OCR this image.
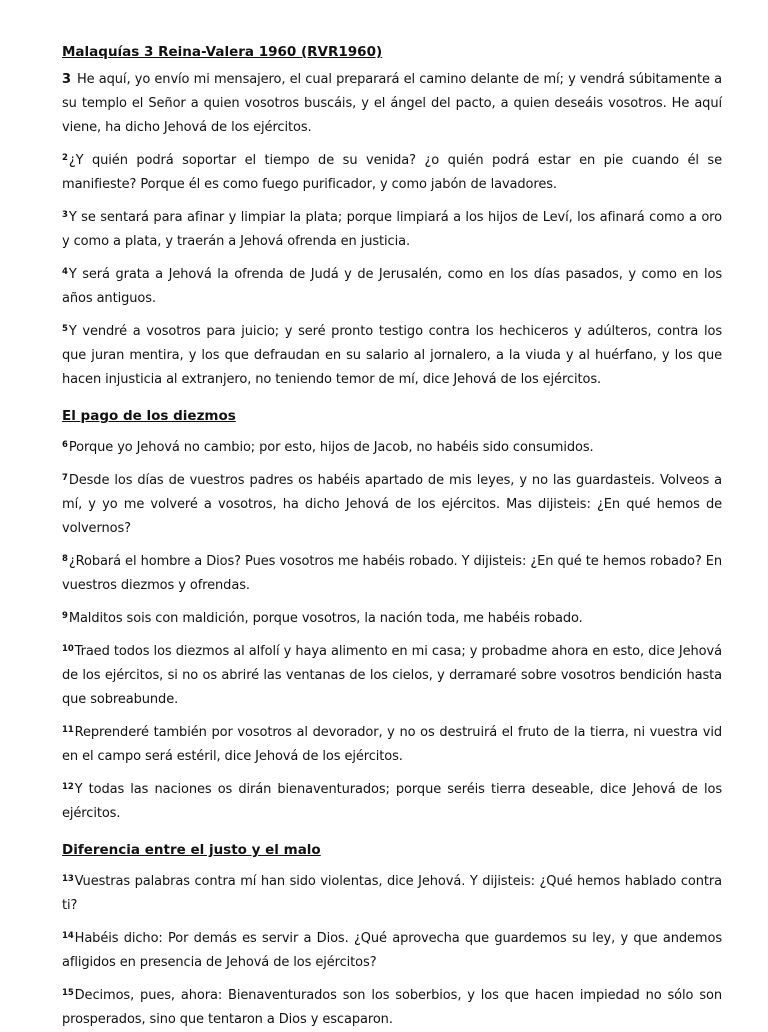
Malaquías 3 Reina-Valera 1960 (RVR1960)

3 He aquí, yo envío mi mensajero, el cual preparará el camino delante de mí; y vendrá súbitamente a su templo el Señor a quien vosotros buscáis, y el ángel del pacto, a quien deseáis vosotros. He aquí viene, ha dicho Jehová de los ejércitos.

$^2$¿Y quién podrá soportar el tiempo de su venida? ¿o quién podrá estar en pie cuando él se manifieste? Porque él es como fuego purificador, y como jabón de lavadores.

$^3$Y se sentará para afinar y limpiar la plata; porque limpiará a los hijos de Leví, los afinará como a oro y como a plata, y traerán a Jehová ofrenda en justicia.

$^4$Y será grata a Jehová la ofrenda de Judá y de Jerusalén, como en los días pasados, y como en los años antiguos.

$^5$Y vendré a vosotros para juicio; y seré pronto testigo contra los hechiceros y adúlteros, contra los que juran mentira, y los que defraudan en su salario al jornalero, a la viuda y al huérfano, y los que hacen injusticia al extranjero, no teniendo temor de mí, dice Jehová de los ejércitos.

El pago de los diezmos

$^6$Porque yo Jehová no cambio; por esto, hijos de Jacob, no habéis sido consumidos.

$^7$Desde los días de vuestros padres os habéis apartado de mis leyes, y no las guardasteis. Volveos a mí, y yo me volveré a vosotros, ha dicho Jehová de los ejércitos. Mas dijisteis: ¿En qué hemos de volvernos?

$^8$¿Robará el hombre a Dios? Pues vosotros me habéis robado. Y dijisteis: ¿En qué te hemos robado? En vuestros diezmos y ofrendas.

$^9$Malditos sois con maldición, porque vosotros, la nación toda, me habéis robado.

$^{10}$Traed todos los diezmos al alfolí y haya alimento en mi casa; y probadme ahora en esto, dice Jehová de los ejércitos, si no os abriré las ventanas de los cielos, y derramaré sobre vosotros bendición hasta que sobreabunde.

$^{11}$Reprenderé también por vosotros al devorador, y no os destruirá el fruto de la tierra, ni vuestra vid en el campo será estéril, dice Jehová de los ejércitos.

$^{12}$Y todas las naciones os dirán bienaventurados; porque seréis tierra deseable, dice Jehová de los ejércitos.

Diferencia entre el justo y el malo

$^{13}$Vuestras palabras contra mí han sido violentas, dice Jehová. Y dijisteis: ¿Qué hemos hablado contra ti?

$^{14}$Habéis dicho: Por demás es servir a Dios. ¿Qué aprovecha que guardemos su ley, y que andemos afligidos en presencia de Jehová de los ejércitos?

$^{15}$Decimos, pues, ahora: Bienaventurados son los soberbios, y los que hacen impiedad no sólo son prosperados, sino que tentaron a Dios y escaparon.
